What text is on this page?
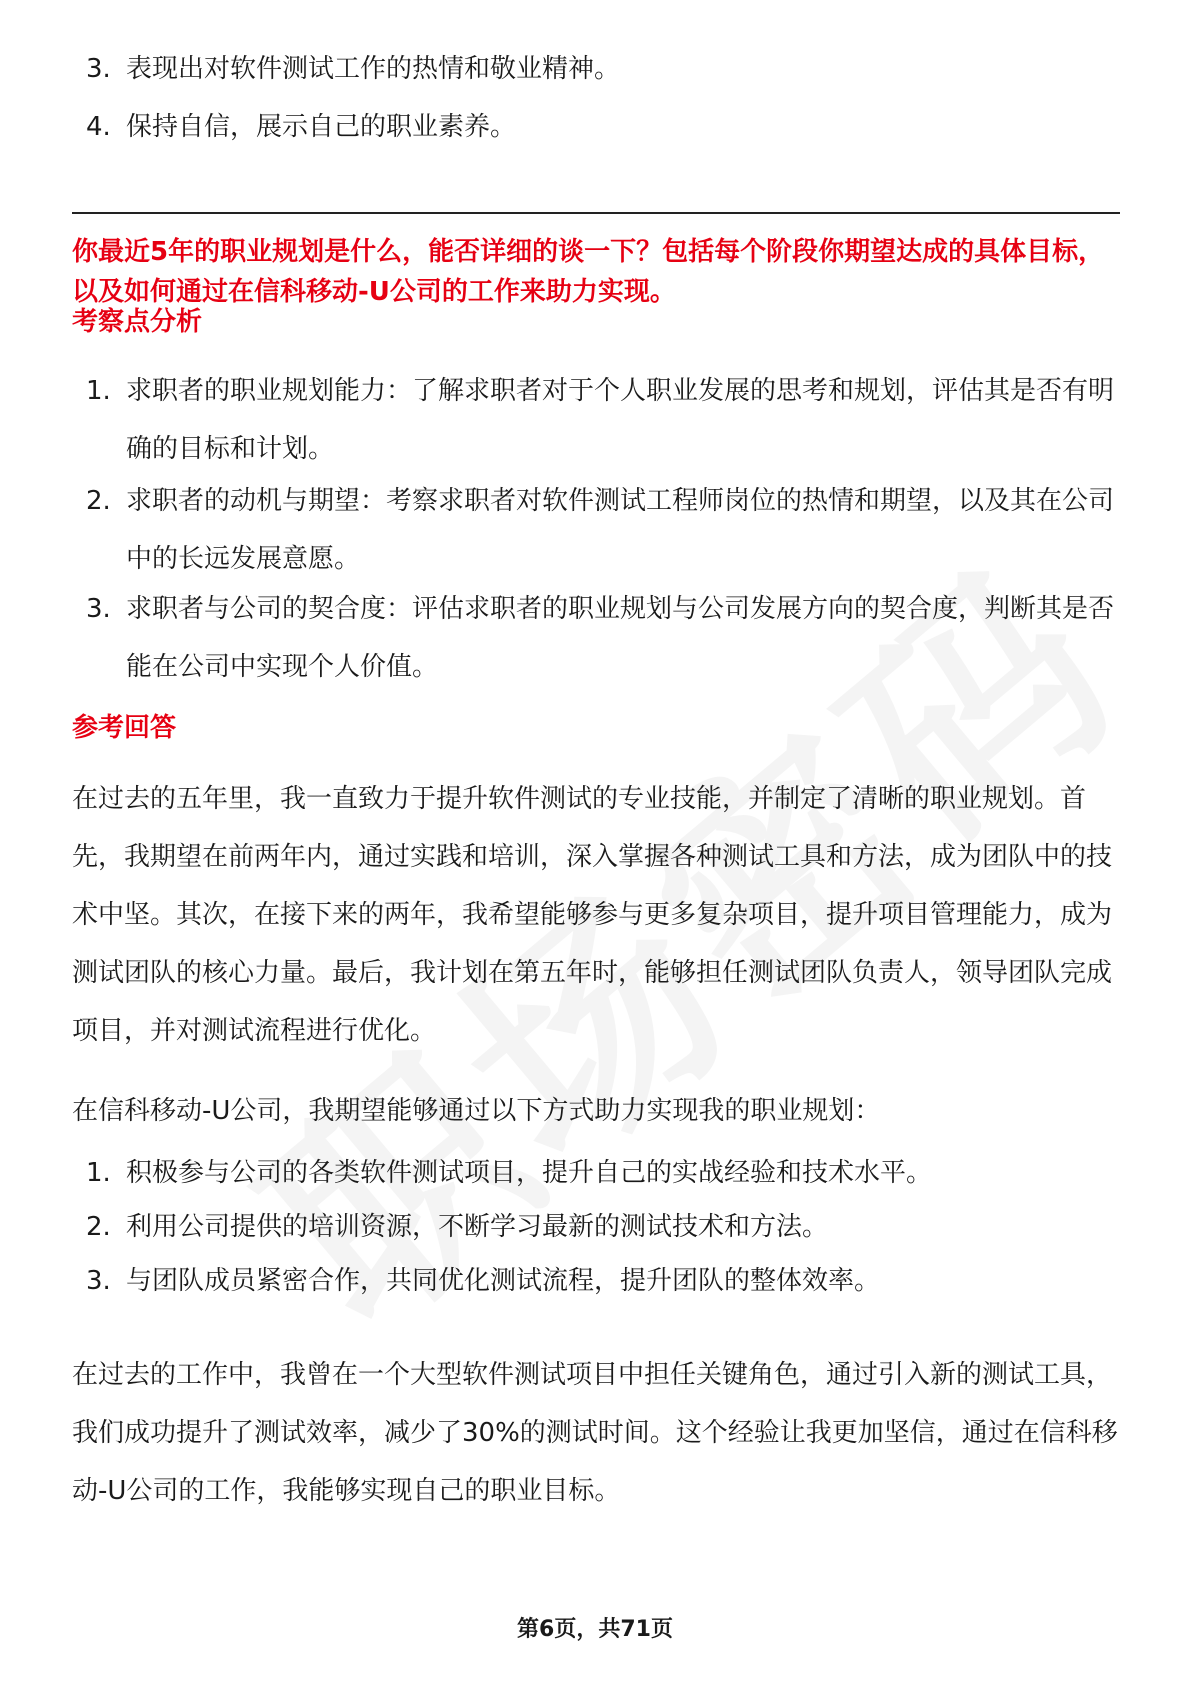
3. 表现出对软件测试工作的热情和敬业精神。
4. 保持自信，展示自己的职业素养。
你最近5年的职业规划是什么，能否详细的谈一下？包括每个阶段你期望达成的具体目标，以及如何通过在信科移动-U公司的工作来助力实现。
考察点分析
1. 求职者的职业规划能力：了解求职者对于个人职业发展的思考和规划，评估其是否有明确的目标和计划。
2. 求职者的动机与期望：考察求职者对软件测试工程师岗位的热情和期望，以及其在公司中的长远发展意愿。
3. 求职者与公司的契合度：评估求职者的职业规划与公司发展方向的契合度，判断其是否能在公司中实现个人价值。
参考回答
在过去的五年里，我一直致力于提升软件测试的专业技能，并制定了清晰的职业规划。首先，我期望在前两年内，通过实践和培训，深入掌握各种测试工具和方法，成为团队中的技术中坚。其次，在接下来的两年，我希望能够参与更多复杂项目，提升项目管理能力，成为测试团队的核心力量。最后，我计划在第五年时，能够担任测试团队负责人，领导团队完成项目，并对测试流程进行优化。
在信科移动-U公司，我期望能够通过以下方式助力实现我的职业规划：
1. 积极参与公司的各类软件测试项目，提升自己的实战经验和技术水平。
2. 利用公司提供的培训资源，不断学习最新的测试技术和方法。
3. 与团队成员紧密合作，共同优化测试流程，提升团队的整体效率。
在过去的工作中，我曾在一个大型软件测试项目中担任关键角色，通过引入新的测试工具，我们成功提升了测试效率，减少了30%的测试时间。这个经验让我更加坚信，通过在信科移动-U公司的工作，我能够实现自己的职业目标。
第6页，共71页
